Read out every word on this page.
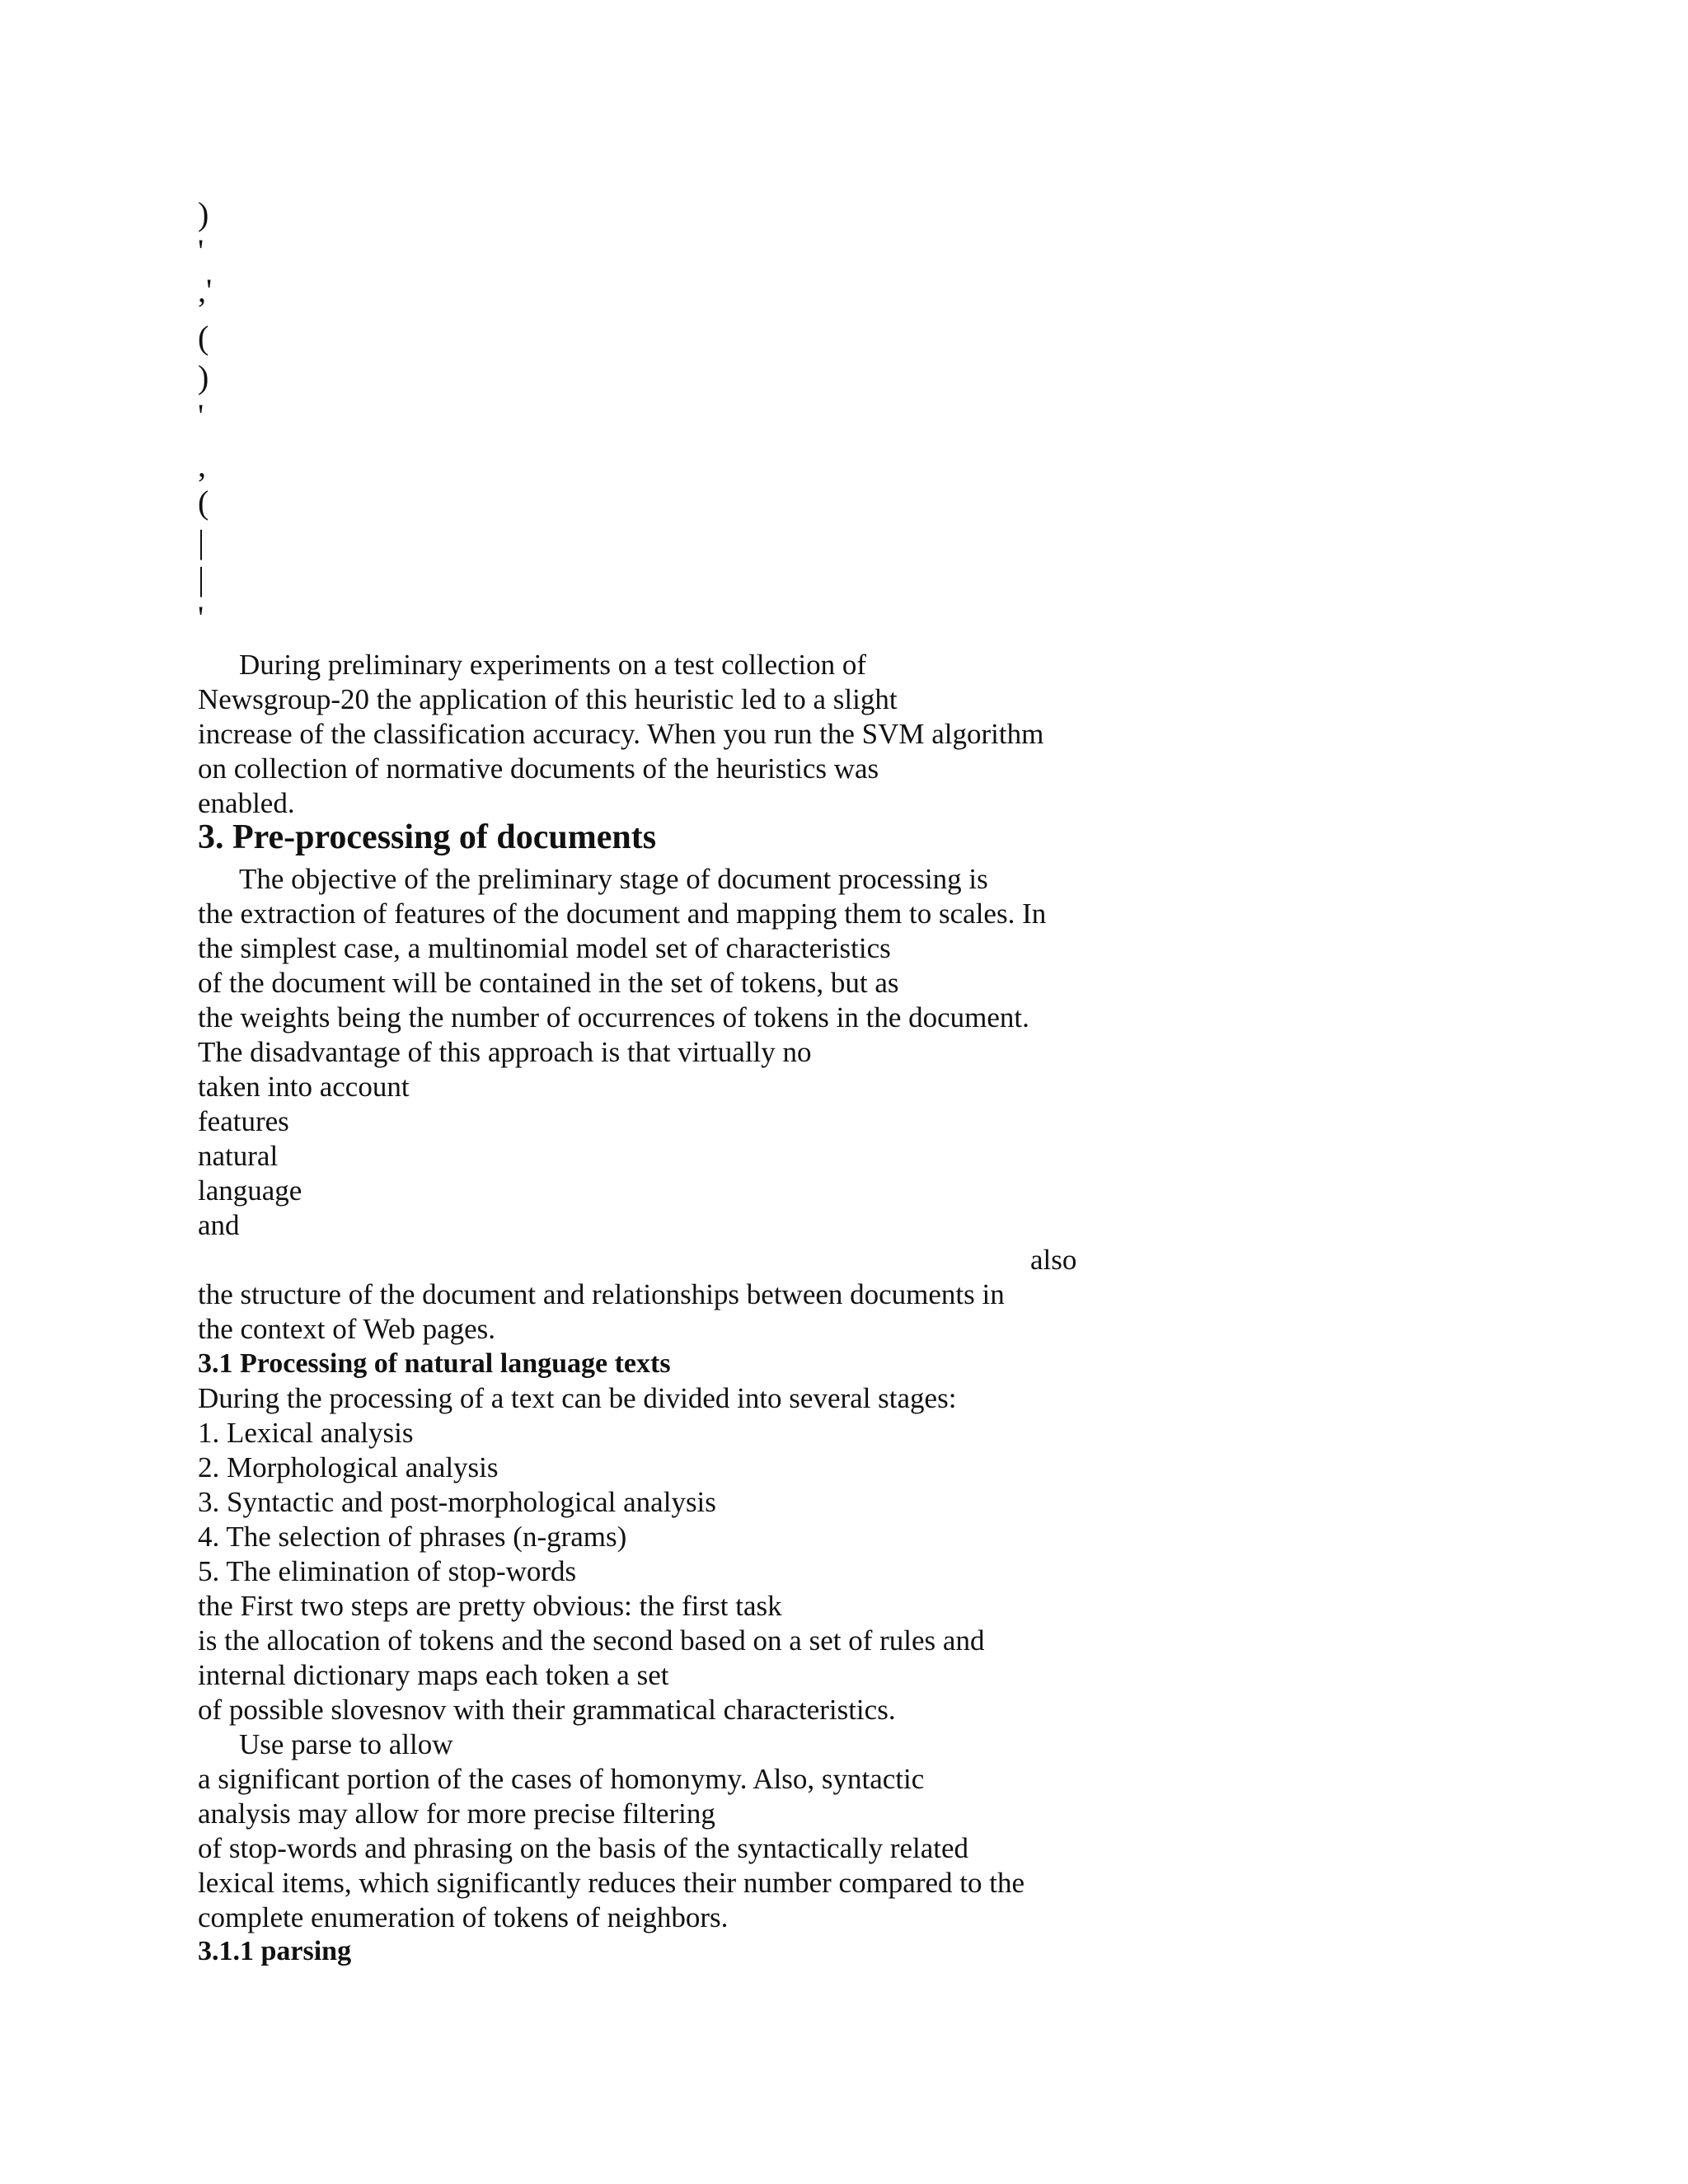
)
'
,'
(
)
'
,
(
|
|
'
During preliminary experiments on a test collection of
Newsgroup-20 the application of this heuristic led to a slight
increase of the classification accuracy. When you run the SVM algorithm
on collection of normative documents of the heuristics was
enabled.
3. Pre-processing of documents
The objective of the preliminary stage of document processing is
the extraction of features of the document and mapping them to scales. In
the simplest case, a multinomial model set of characteristics
of the document will be contained in the set of tokens, but as
the weights being the number of occurrences of tokens in the document.
The disadvantage of this approach is that virtually no
taken into account
features
natural
language
and
also
the structure of the document and relationships between documents in
the context of Web pages.
3.1 Processing of natural language texts
During the processing of a text can be divided into several stages:
1. Lexical analysis
2. Morphological analysis
3. Syntactic and post-morphological analysis
4. The selection of phrases (n-grams)
5. The elimination of stop-words
the First two steps are pretty obvious: the first task
is the allocation of tokens and the second based on a set of rules and
internal dictionary maps each token a set
of possible slovesnov with their grammatical characteristics.
Use parse to allow
a significant portion of the cases of homonymy. Also, syntactic
analysis may allow for more precise filtering
of stop-words and phrasing on the basis of the syntactically related
lexical items, which significantly reduces their number compared to the
complete enumeration of tokens of neighbors.
3.1.1 parsing
